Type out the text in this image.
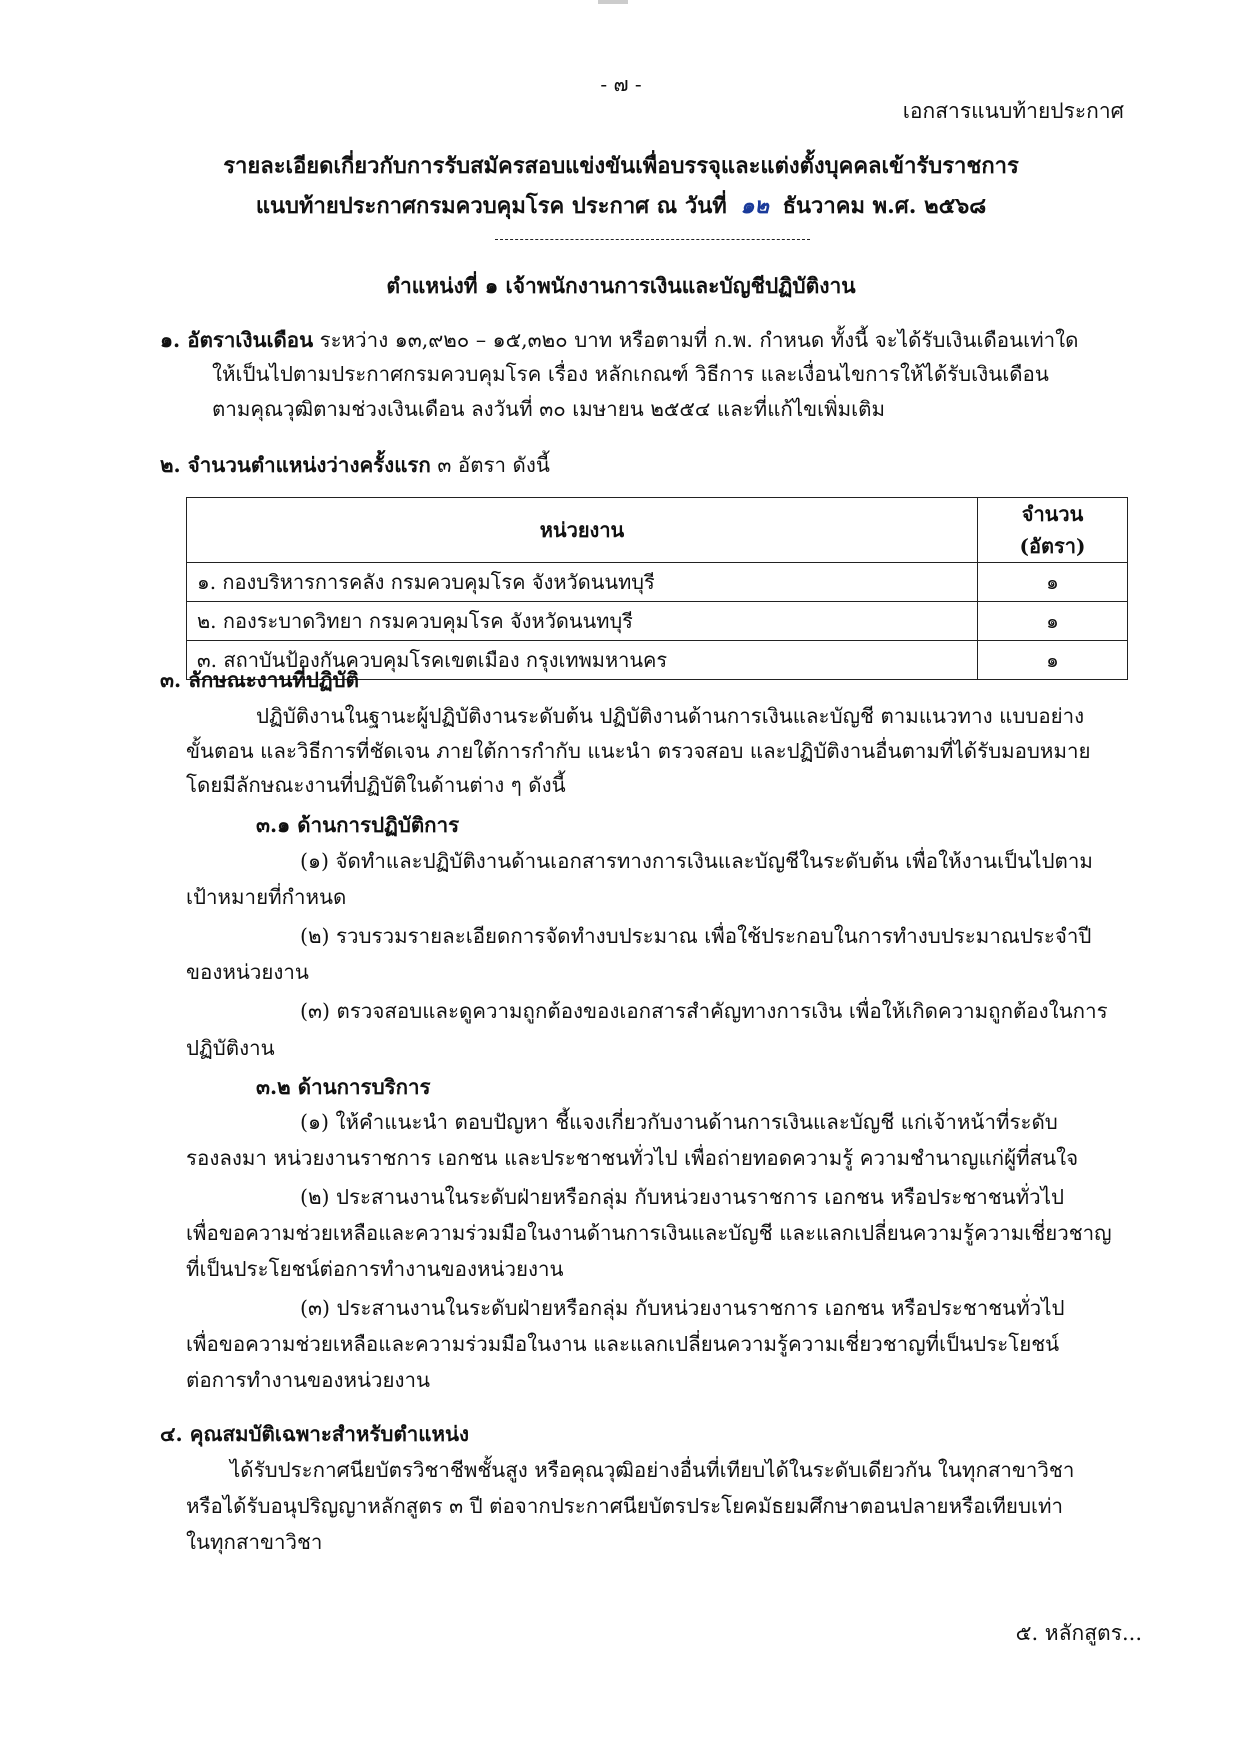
- ๗ -
เอกสารแนบท้ายประกาศ
รายละเอียดเกี่ยวกับการรับสมัครสอบแข่งขันเพื่อบรรจุและแต่งตั้งบุคคลเข้ารับราชการ
แนบท้ายประกาศกรมควบคุมโรค ประกาศ ณ วันที่ ๑๒ ธันวาคม พ.ศ. ๒๕๖๘
ตำแหน่งที่ ๑ เจ้าพนักงานการเงินและบัญชีปฏิบัติงาน
๑. อัตราเงินเดือน ระหว่าง ๑๓,๙๒๐ – ๑๕,๓๒๐ บาท หรือตามที่ ก.พ. กำหนด ทั้งนี้ จะได้รับเงินเดือนเท่าใด
ให้เป็นไปตามประกาศกรมควบคุมโรค เรื่อง หลักเกณฑ์ วิธีการ และเงื่อนไขการให้ได้รับเงินเดือน
ตามคุณวุฒิตามช่วงเงินเดือน ลงวันที่ ๓๐ เมษายน ๒๕๕๔ และที่แก้ไขเพิ่มเติม
๒. จำนวนตำแหน่งว่างครั้งแรก ๓ อัตรา ดังนี้
หน่วยงาน	จำนวน (อัตรา)
๑. กองบริหารการคลัง กรมควบคุมโรค จังหวัดนนทบุรี	๑
๒. กองระบาดวิทยา กรมควบคุมโรค จังหวัดนนทบุรี	๑
๓. สถาบันป้องกันควบคุมโรคเขตเมือง กรุงเทพมหานคร	๑
๓. ลักษณะงานที่ปฏิบัติ
ปฏิบัติงานในฐานะผู้ปฏิบัติงานระดับต้น ปฏิบัติงานด้านการเงินและบัญชี ตามแนวทาง แบบอย่าง
ขั้นตอน และวิธีการที่ชัดเจน ภายใต้การกำกับ แนะนำ ตรวจสอบ และปฏิบัติงานอื่นตามที่ได้รับมอบหมาย
โดยมีลักษณะงานที่ปฏิบัติในด้านต่าง ๆ ดังนี้
๓.๑ ด้านการปฏิบัติการ
(๑) จัดทำและปฏิบัติงานด้านเอกสารทางการเงินและบัญชีในระดับต้น เพื่อให้งานเป็นไปตาม
เป้าหมายที่กำหนด
(๒) รวบรวมรายละเอียดการจัดทำงบประมาณ เพื่อใช้ประกอบในการทำงบประมาณประจำปี
ของหน่วยงาน
(๓) ตรวจสอบและดูความถูกต้องของเอกสารสำคัญทางการเงิน เพื่อให้เกิดความถูกต้องในการ
ปฏิบัติงาน
๓.๒ ด้านการบริการ
(๑) ให้คำแนะนำ ตอบปัญหา ชี้แจงเกี่ยวกับงานด้านการเงินและบัญชี แก่เจ้าหน้าที่ระดับ
รองลงมา หน่วยงานราชการ เอกชน และประชาชนทั่วไป เพื่อถ่ายทอดความรู้ ความชำนาญแก่ผู้ที่สนใจ
(๒) ประสานงานในระดับฝ่ายหรือกลุ่ม กับหน่วยงานราชการ เอกชน หรือประชาชนทั่วไป
เพื่อขอความช่วยเหลือและความร่วมมือในงานด้านการเงินและบัญชี และแลกเปลี่ยนความรู้ความเชี่ยวชาญ
ที่เป็นประโยชน์ต่อการทำงานของหน่วยงาน
(๓) ประสานงานในระดับฝ่ายหรือกลุ่ม กับหน่วยงานราชการ เอกชน หรือประชาชนทั่วไป
เพื่อขอความช่วยเหลือและความร่วมมือในงาน และแลกเปลี่ยนความรู้ความเชี่ยวชาญที่เป็นประโยชน์
ต่อการทำงานของหน่วยงาน
๔. คุณสมบัติเฉพาะสำหรับตำแหน่ง
ได้รับประกาศนียบัตรวิชาชีพชั้นสูง หรือคุณวุฒิอย่างอื่นที่เทียบได้ในระดับเดียวกัน ในทุกสาขาวิชา
หรือได้รับอนุปริญญาหลักสูตร ๓ ปี ต่อจากประกาศนียบัตรประโยคมัธยมศึกษาตอนปลายหรือเทียบเท่า
ในทุกสาขาวิชา
๕. หลักสูตร...
